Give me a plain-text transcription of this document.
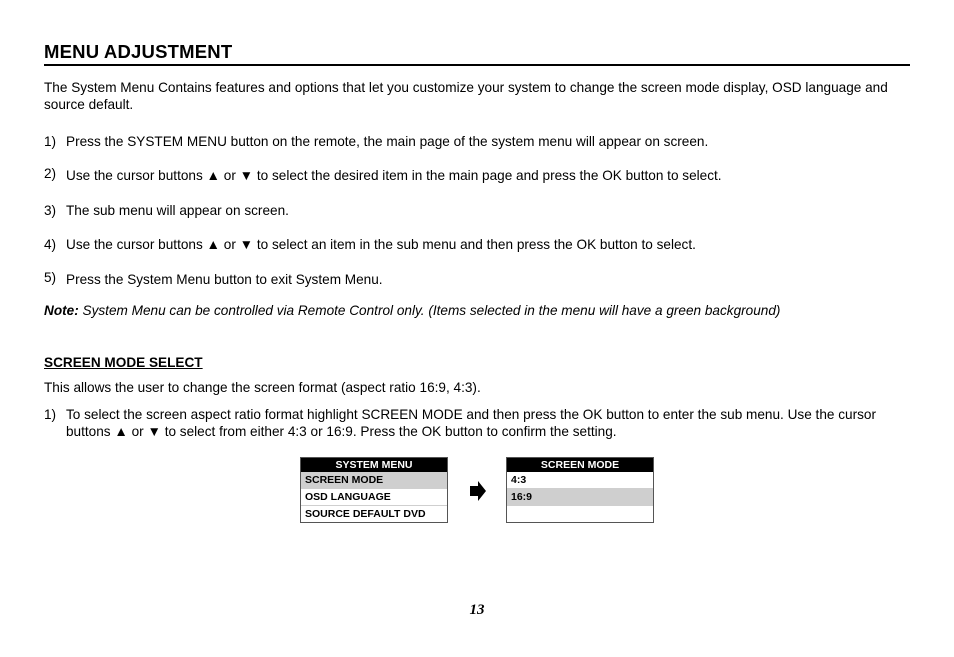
MENU ADJUSTMENT
The System Menu Contains features and options that let you customize your system to change the screen mode display, OSD language and source default.
1) Press the SYSTEM MENU button on the remote, the main page of the system menu will appear on screen.
2) Use the cursor buttons ▲ or ▼ to select the desired item in the main page and press the OK button to select.
3) The sub menu will appear on screen.
4) Use the cursor buttons ▲ or ▼ to select an item in the sub menu and then press the OK button to select.
5) Press the System Menu button to exit System Menu.
Note: System Menu can be controlled via Remote Control only. (Items selected in the menu will have a green background)
SCREEN MODE SELECT
This allows the user to change the screen format (aspect ratio 16:9, 4:3).
1) To select the screen aspect ratio format highlight SCREEN MODE and then press the OK button to enter the sub menu. Use the cursor buttons ▲ or ▼ to select from either 4:3 or 16:9. Press the OK button to confirm the setting.
SYSTEM MENU
SCREEN MODE
OSD LANGUAGE
SOURCE DEFAULT DVD
SCREEN MODE
4:3
16:9
13
